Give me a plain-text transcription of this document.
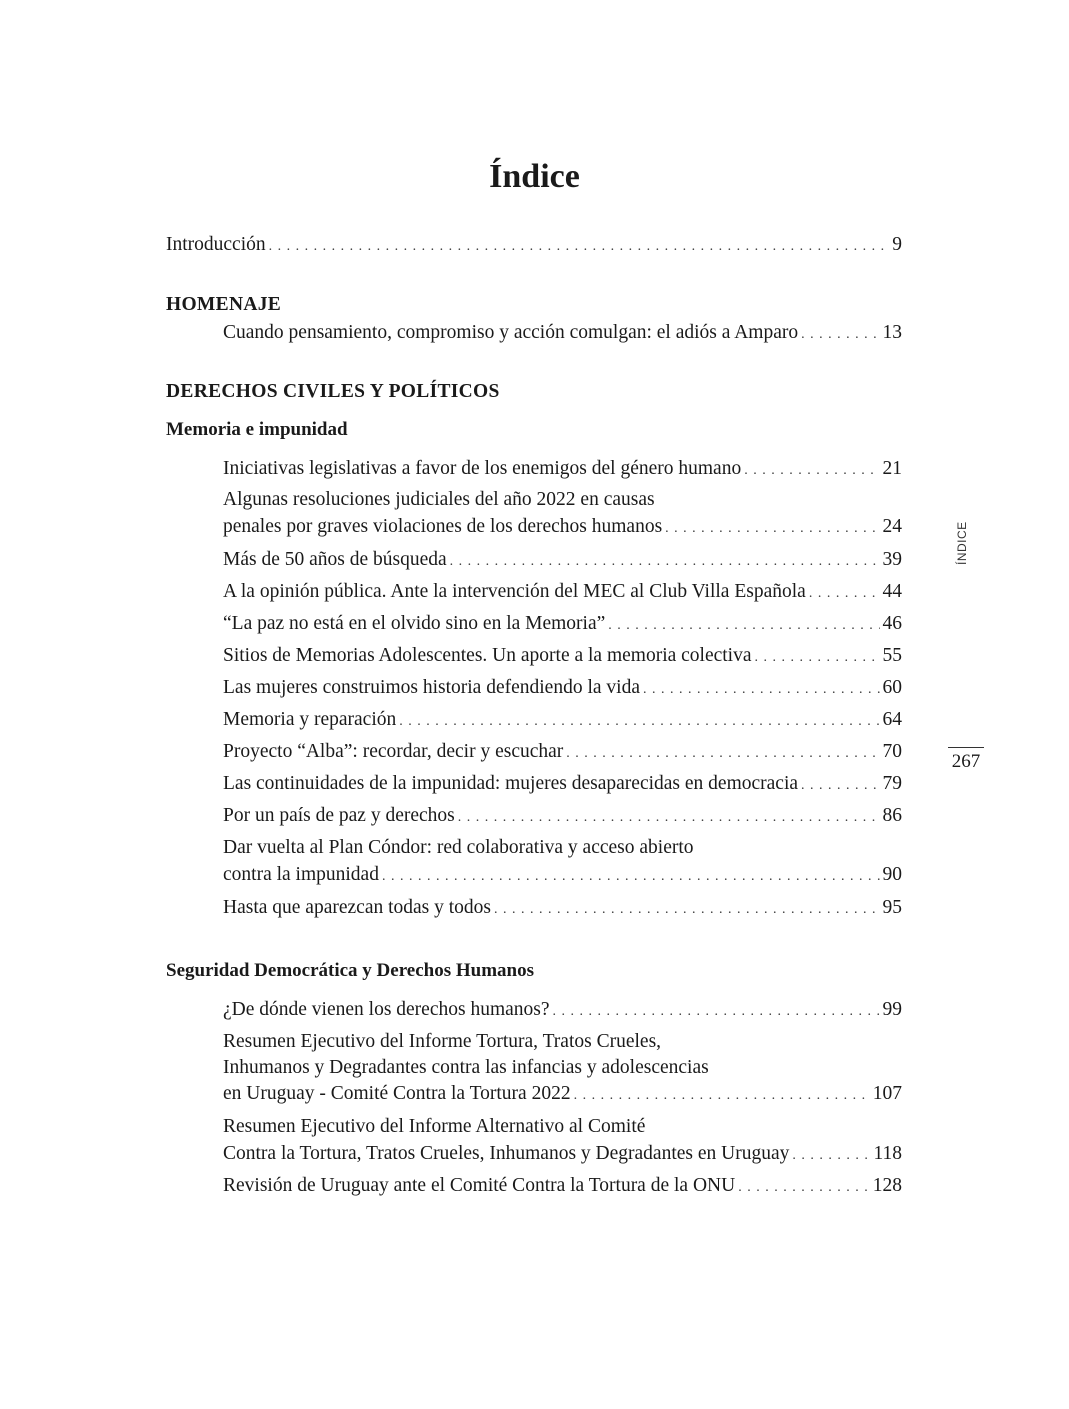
Índice
Introducción . . .	9
HOMENAJE
Cuando pensamiento, compromiso y acción comulgan: el adiós a Amparo . . .	13
DERECHOS CIVILES Y POLÍTICOS
Memoria e impunidad
Iniciativas legislativas a favor de los enemigos del género humano . . .	21
Algunas resoluciones judiciales del año 2022 en causas
penales por graves violaciones de los derechos humanos . . .	24
Más de 50 años de búsqueda . . .	39
A la opinión pública. Ante la intervención del MEC al Club Villa Española . . .	44
“La paz no está en el olvido sino en la Memoria” . . .	46
Sitios de Memorias Adolescentes. Un aporte a la memoria colectiva . . .	55
Las mujeres construimos historia defendiendo la vida . . .	60
Memoria y reparación . . .	64
Proyecto “Alba”: recordar, decir y escuchar . . .	70
Las continuidades de la impunidad: mujeres desaparecidas en democracia . . .	79
Por un país de paz y derechos . . .	86
Dar vuelta al Plan Cóndor: red colaborativa y acceso abierto
contra la impunidad . . .	90
Hasta que aparezcan todas y todos . . .	95
Seguridad Democrática y Derechos Humanos
¿De dónde vienen los derechos humanos? . . .	99
Resumen Ejecutivo del Informe Tortura, Tratos Crueles,
Inhumanos y Degradantes contra las infancias y adolescencias
en Uruguay - Comité Contra la Tortura 2022 . . .	107
Resumen Ejecutivo del Informe Alternativo al Comité
Contra la Tortura, Tratos Crueles, Inhumanos y Degradantes en Uruguay . . .	118
Revisión de Uruguay ante el Comité Contra la Tortura de la ONU . . .	128
ÍNDICE
267
